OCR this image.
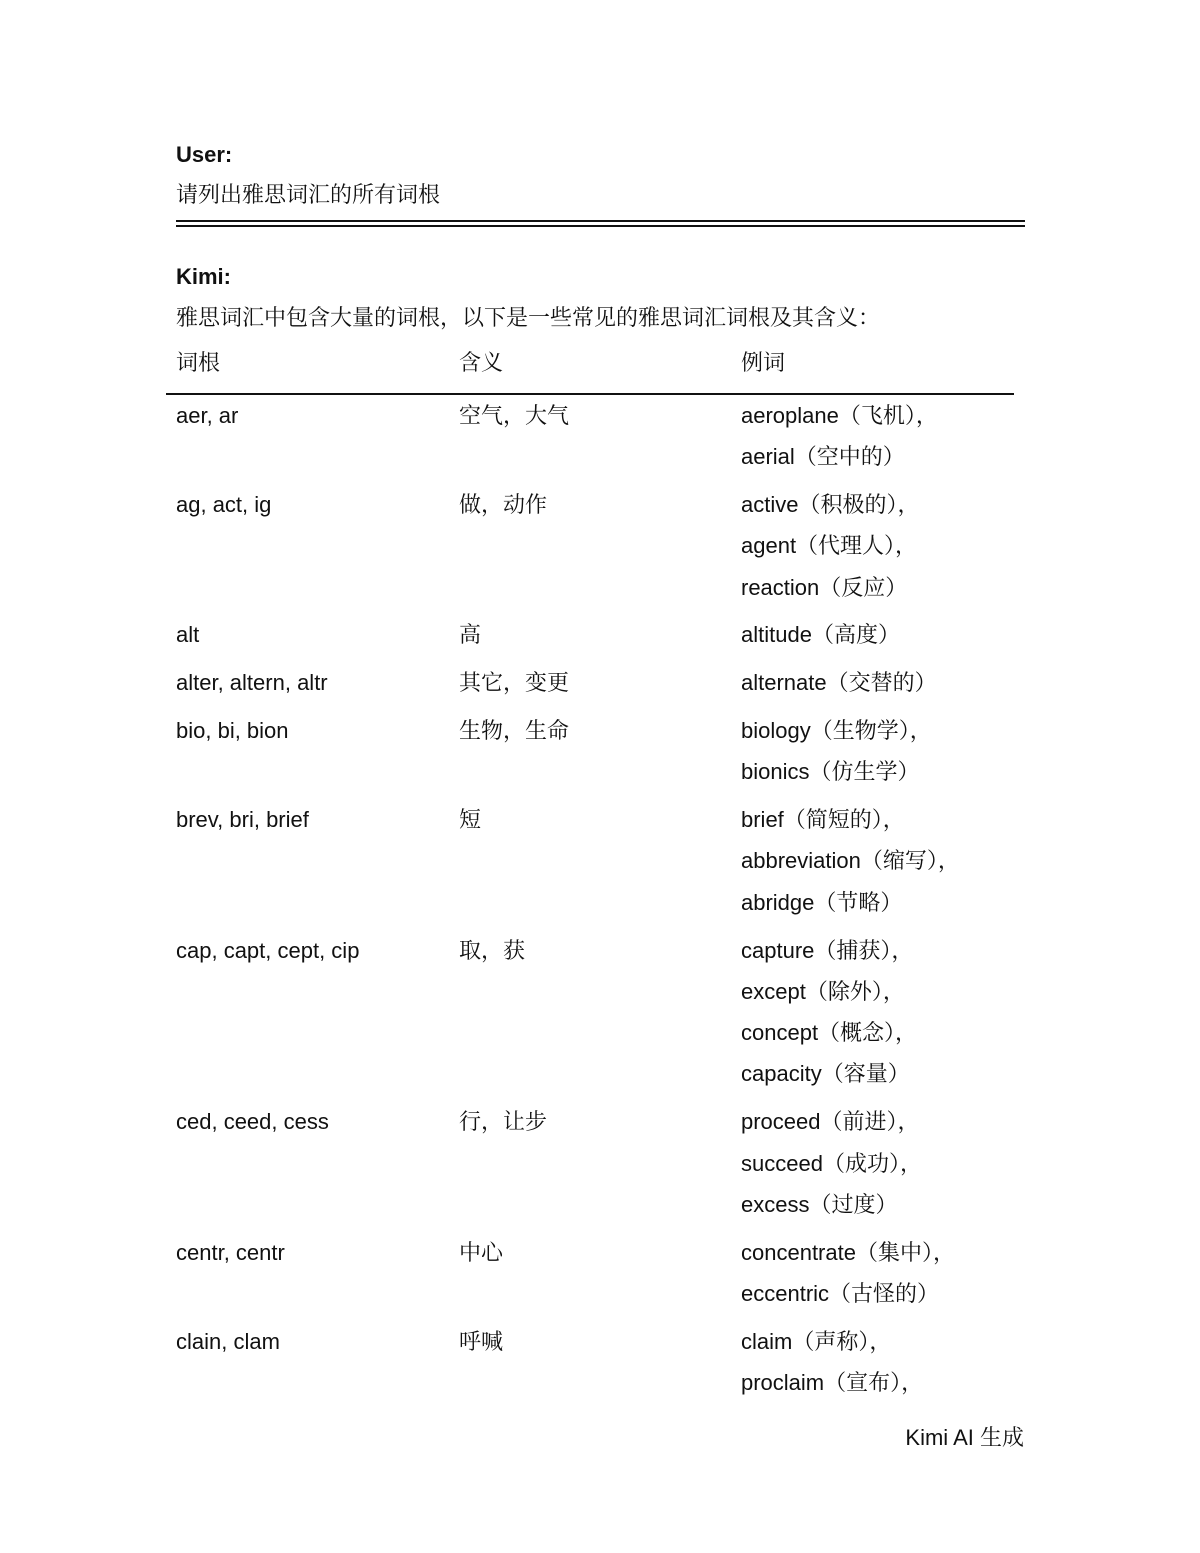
User:
请列出雅思词汇的所有词根
Kimi:
雅思词汇中包含大量的词根，以下是一些常见的雅思词汇词根及其含义：
词根	含义	例词
aer, ar	空气，大气	aeroplane（飞机），
aerial（空中的）
ag, act, ig	做，动作	active（积极的），
agent（代理人），
reaction（反应）
alt	高	altitude（高度）
alter, altern, altr	其它，变更	alternate（交替的）
bio, bi, bion	生物，生命	biology（生物学），
bionics（仿生学）
brev, bri, brief	短	brief（简短的），
abbreviation（缩写），
abridge（节略）
cap, capt, cept, cip	取，获	capture（捕获），
except（除外），
concept（概念），
capacity（容量）
ced, ceed, cess	行，让步	proceed（前进），
succeed（成功），
excess（过度）
centr, centr	中心	concentrate（集中），
eccentric（古怪的）
clain, clam	呼喊	claim（声称），
proclaim（宣布），
Kimi AI 生成
